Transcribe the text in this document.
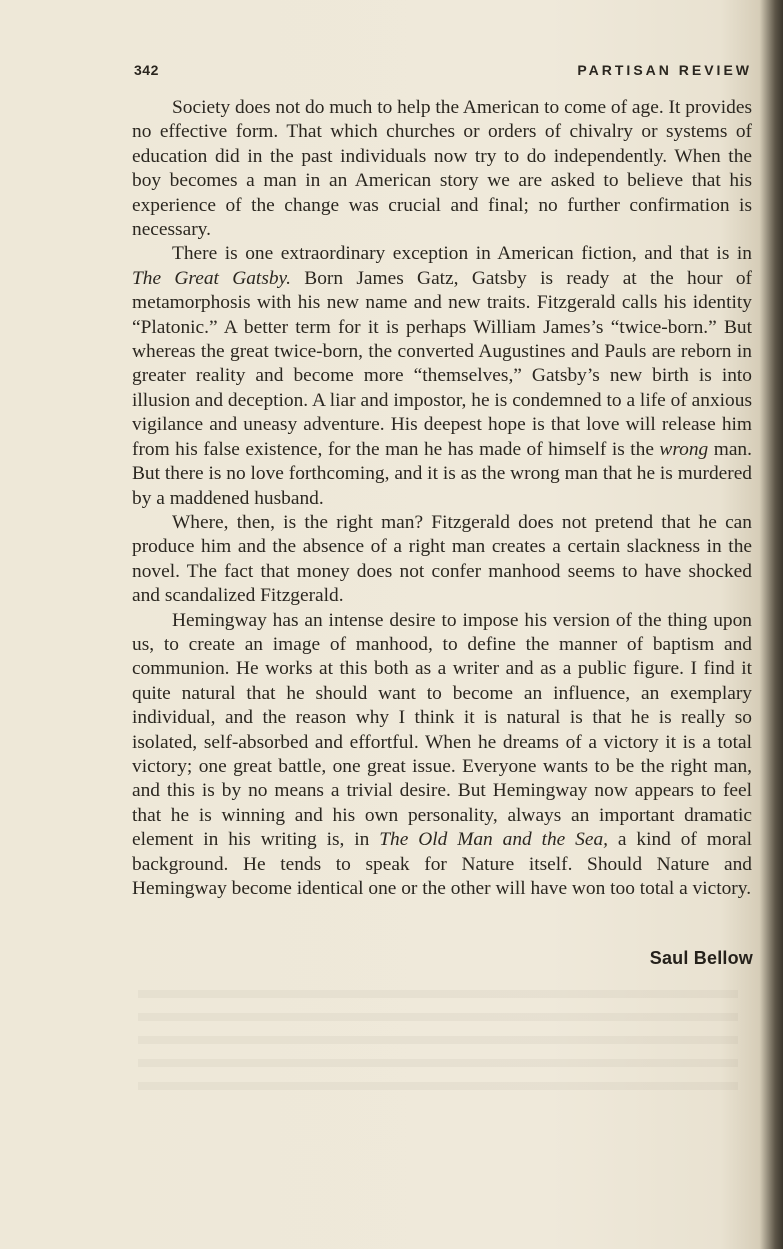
342	PARTISAN REVIEW

Society does not do much to help the American to come of age. It provides no effective form. That which churches or orders of chivalry or systems of education did in the past individuals now try to do independently. When the boy becomes a man in an American story we are asked to believe that his experience of the change was crucial and final; no further confirmation is necessary.

There is one extraordinary exception in American fiction, and that is in The Great Gatsby. Born James Gatz, Gatsby is ready at the hour of metamorphosis with his new name and new traits. Fitzgerald calls his identity “Platonic.” A better term for it is perhaps William James’s “twice-born.” But whereas the great twice-born, the converted Augustines and Pauls are reborn in greater reality and become more “themselves,” Gatsby’s new birth is into illusion and deception. A liar and impostor, he is condemned to a life of anxious vigilance and uneasy adventure. His deepest hope is that love will release him from his false existence, for the man he has made of himself is the wrong man. But there is no love forthcoming, and it is as the wrong man that he is murdered by a maddened husband.

Where, then, is the right man? Fitzgerald does not pretend that he can produce him and the absence of a right man creates a certain slackness in the novel. The fact that money does not confer manhood seems to have shocked and scandalized Fitzgerald.

Hemingway has an intense desire to impose his version of the thing upon us, to create an image of manhood, to define the manner of baptism and communion. He works at this both as a writer and as a public figure. I find it quite natural that he should want to become an influence, an exemplary individual, and the reason why I think it is natural is that he is really so isolated, self-absorbed and effortful. When he dreams of a victory it is a total victory; one great battle, one great issue. Everyone wants to be the right man, and this is by no means a trivial desire. But Hemingway now appears to feel that he is winning and his own personality, always an important dramatic element in his writing is, in The Old Man and the Sea, a kind of moral background. He tends to speak for Nature itself. Should Nature and Hemingway become identical one or the other will have won too total a victory.

Saul Bellow
